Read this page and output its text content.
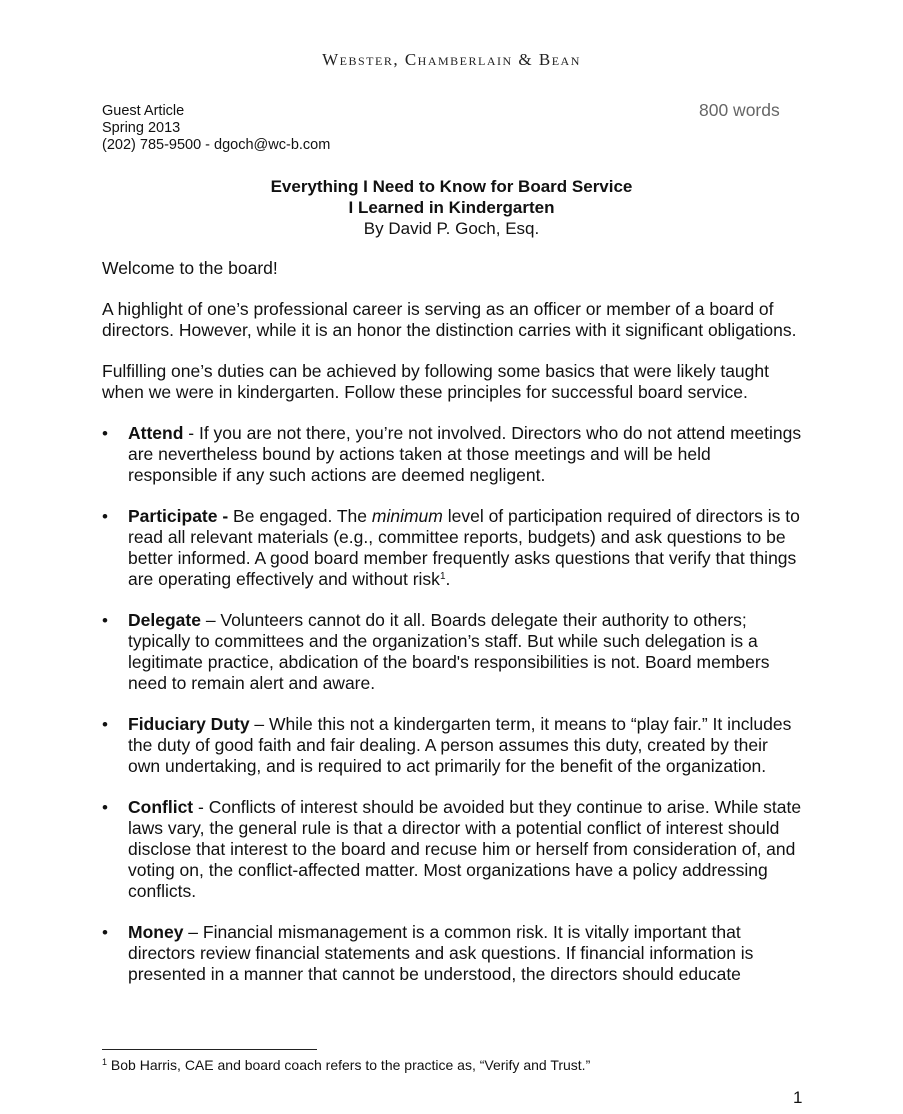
Webster, Chamberlain & Bean
Guest Article
Spring 2013
(202) 785-9500 - dgoch@wc-b.com
800 words
Everything I Need to Know for Board Service
I Learned in Kindergarten
By David P. Goch, Esq.

Welcome to the board!

A highlight of one’s professional career is serving as an officer or member of a board of directors. However, while it is an honor the distinction carries with it significant obligations.

Fulfilling one’s duties can be achieved by following some basics that were likely taught when we were in kindergarten. Follow these principles for successful board service.

• Attend - If you are not there, you’re not involved. Directors who do not attend meetings are nevertheless bound by actions taken at those meetings and will be held responsible if any such actions are deemed negligent.
• Participate - Be engaged. The minimum level of participation required of directors is to read all relevant materials (e.g., committee reports, budgets) and ask questions to be better informed. A good board member frequently asks questions that verify that things are operating effectively and without risk$^1$.
• Delegate – Volunteers cannot do it all. Boards delegate their authority to others; typically to committees and the organization’s staff. But while such delegation is a legitimate practice, abdication of the board's responsibilities is not. Board members need to remain alert and aware.
• Fiduciary Duty – While this not a kindergarten term, it means to “play fair.” It includes the duty of good faith and fair dealing. A person assumes this duty, created by their own undertaking, and is required to act primarily for the benefit of the organization.
• Conflict - Conflicts of interest should be avoided but they continue to arise. While state laws vary, the general rule is that a director with a potential conflict of interest should disclose that interest to the board and recuse him or herself from consideration of, and voting on, the conflict-affected matter. Most organizations have a policy addressing conflicts.
• Money – Financial mismanagement is a common risk. It is vitally important that directors review financial statements and ask questions. If financial information is presented in a manner that cannot be understood, the directors should educate
$^1$ Bob Harris, CAE and board coach refers to the practice as, “Verify and Trust.”
1
